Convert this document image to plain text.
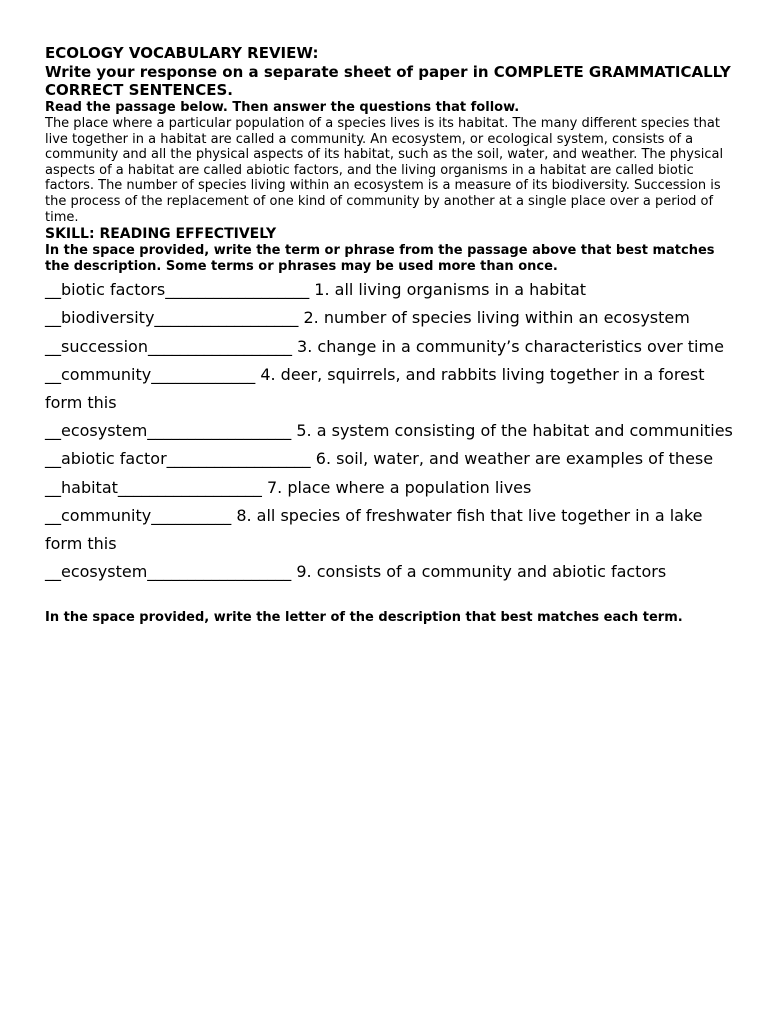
ECOLOGY VOCABULARY REVIEW:

Write your response on a separate sheet of paper in COMPLETE GRAMMATICALLY CORRECT SENTENCES.

Read the passage below. Then answer the questions that follow.

The place where a particular population of a species lives is its habitat. The many different species that live together in a habitat are called a community. An ecosystem, or ecological system, consists of a community and all the physical aspects of its habitat, such as the soil, water, and weather. The physical aspects of a habitat are called abiotic factors, and the living organisms in a habitat are called biotic factors. The number of species living within an ecosystem is a measure of its biodiversity. Succession is the process of the replacement of one kind of community by another at a single place over a period of time.

SKILL: READING EFFECTIVELY

In the space provided, write the term or phrase from the passage above that best matches the description. Some terms or phrases may be used more than once.

__biotic factors__________________ 1. all living organisms in a habitat
__biodiversity__________________ 2. number of species living within an ecosystem
__succession__________________ 3. change in a community’s characteristics over time
__community_____________ 4. deer, squirrels, and rabbits living together in a forest form this
__ecosystem__________________ 5. a system consisting of the habitat and communities
__abiotic factor__________________ 6. soil, water, and weather are examples of these
__habitat__________________ 7. place where a population lives
__community__________ 8. all species of freshwater fish that live together in a lake form this
__ecosystem__________________ 9. consists of a community and abiotic factors

In the space provided, write the letter of the description that best matches each term.
